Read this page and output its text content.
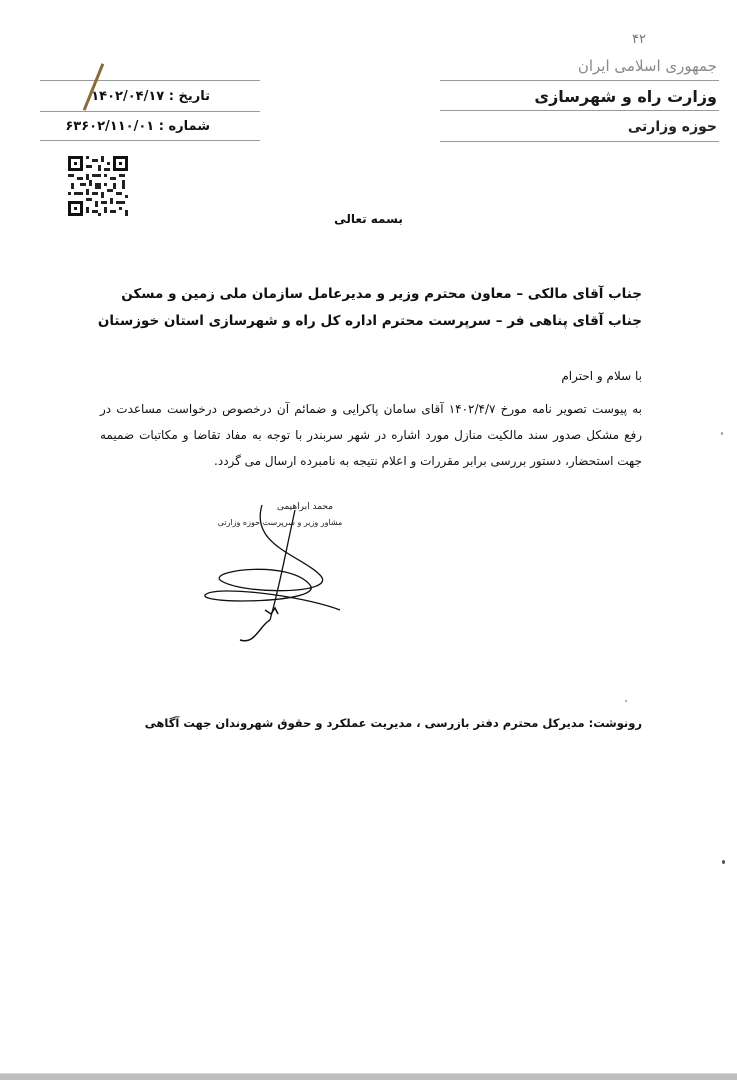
۴۲
جمهوری اسلامی ایران
وزارت راه و شهرسازی
حوزه وزارتی
تاریخ : ۱۴۰۲/۰۴/۱۷
شماره : ۶۳۶۰۲/۱۱۰/۰۱
بسمه تعالی
جناب آقای مالکی – معاون محترم وزیر و مدیرعامل سازمان ملی زمین و مسکن
جناب آقای پناهی فر – سرپرست محترم اداره کل راه و شهرسازی استان خوزستان
با سلام و احترام
به پیوست تصویر نامه مورخ ۱۴۰۲/۴/۷ آقای سامان پاکرایی و ضمائم آن درخصوص درخواست مساعدت در رفع مشکل صدور سند مالکیت منازل مورد اشاره در شهر سربندر با توجه به مفاد تقاضا و مکاتبات ضمیمه جهت استحضار، دستور بررسی برابر مقررات و اعلام نتیجه به نامبرده ارسال می گردد.
محمد ابراهیمی
مشاور وزیر و سرپرست حوزه وزارتی
رونوشت: مدیرکل محترم دفتر بازرسی ، مدیریت عملکرد و حقوق شهروندان جهت آگاهی
